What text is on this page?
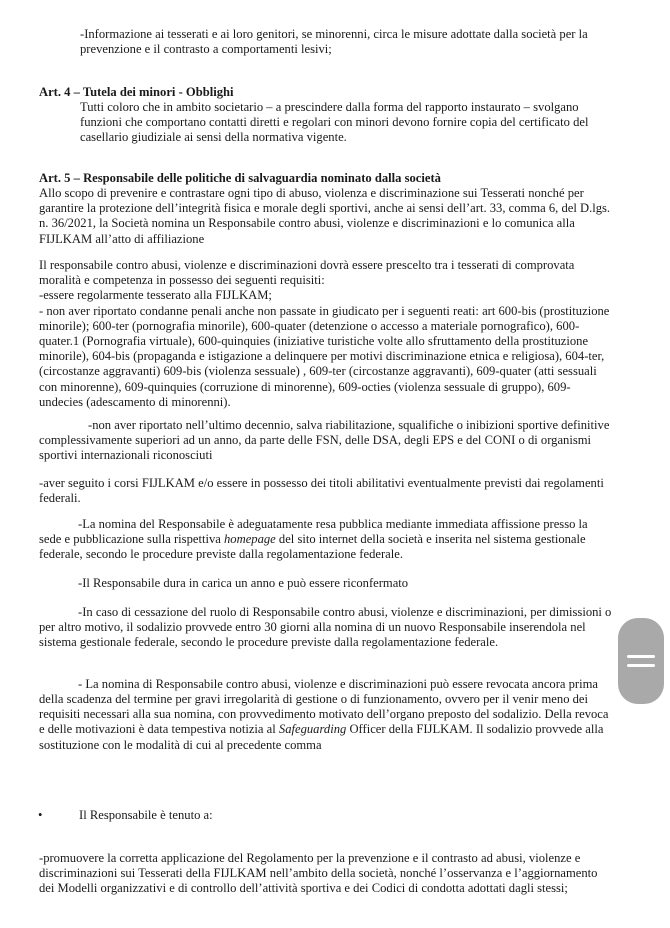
-Informazione ai tesserati e ai loro genitori, se minorenni, circa le misure adottate dalla società per la
prevenzione e il contrasto a comportamenti lesivi;
Art. 4 – Tutela dei minori - Obblighi
Tutti coloro che in ambito societario – a prescindere dalla forma del rapporto instaurato – svolgano
funzioni che comportano contatti diretti e regolari con minori devono fornire copia del certificato del
casellario giudiziale ai sensi della normativa vigente.
Art. 5 – Responsabile delle politiche di salvaguardia nominato dalla società
Allo scopo di prevenire e contrastare ogni tipo di abuso, violenza e discriminazione sui Tesserati nonché per
garantire la protezione dell’integrità fisica e morale degli sportivi, anche ai sensi dell’art. 33, comma 6, del D.lgs.
n. 36/2021, la Società nomina un Responsabile contro abusi, violenze e discriminazioni e lo comunica alla
FIJLKAM all’atto di affiliazione
Il responsabile contro abusi, violenze e discriminazioni dovrà essere prescelto tra i tesserati di comprovata
moralità e competenza in possesso dei seguenti requisiti:
-essere regolarmente tesserato alla FIJLKAM;
- non aver riportato condanne penali anche non passate in giudicato per i seguenti reati: art 600-bis (prostituzione
minorile); 600-ter (pornografia minorile), 600-quater (detenzione o accesso a materiale pornografico), 600-
quater.1 (Pornografia virtuale), 600-quinquies (iniziative turistiche volte allo sfruttamento della prostituzione
minorile), 604-bis (propaganda e istigazione a delinquere per motivi discriminazione etnica e religiosa), 604-ter,
(circostanze aggravanti) 609-bis (violenza sessuale) , 609-ter (circostanze aggravanti), 609-quater (atti sessuali
con minorenne), 609-quinquies (corruzione di minorenne), 609-octies (violenza sessuale di gruppo), 609-
undecies (adescamento di minorenni).
-non aver riportato nell’ultimo decennio, salva riabilitazione, squalifiche o inibizioni sportive definitive
complessivamente superiori ad un anno, da parte delle FSN, delle DSA, degli EPS e del CONI o di organismi
sportivi internazionali riconosciuti
-aver seguito i corsi FIJLKAM e/o essere in possesso dei titoli abilitativi eventualmente previsti dai regolamenti
federali.
-La nomina del Responsabile è adeguatamente resa pubblica mediante immediata affissione presso la
sede e pubblicazione sulla rispettiva homepage del sito internet della società e inserita nel sistema gestionale
federale, secondo le procedure previste dalla regolamentazione federale.
-Il Responsabile dura in carica un anno e può essere riconfermato
-In caso di cessazione del ruolo di Responsabile contro abusi, violenze e discriminazioni, per dimissioni o
per altro motivo, il sodalizio provvede entro 30 giorni alla nomina di un nuovo Responsabile inserendola nel
sistema gestionale federale, secondo le procedure previste dalla regolamentazione federale.
- La nomina di Responsabile contro abusi, violenze e discriminazioni può essere revocata ancora prima
della scadenza del termine per gravi irregolarità di gestione o di funzionamento, ovvero per il venir meno dei
requisiti necessari alla sua nomina, con provvedimento motivato dell’organo preposto del sodalizio. Della revoca
e delle motivazioni è data tempestiva notizia al Safeguarding Officer della FIJLKAM. Il sodalizio provvede alla
sostituzione con le modalità di cui al precedente comma
•	Il Responsabile è tenuto a:
-promuovere la corretta applicazione del Regolamento per la prevenzione e il contrasto ad abusi, violenze e
discriminazioni sui Tesserati della FIJLKAM nell’ambito della società, nonché l’osservanza e l’aggiornamento
dei Modelli organizzativi e di controllo dell’attività sportiva e dei Codici di condotta adottati dagli stessi;
